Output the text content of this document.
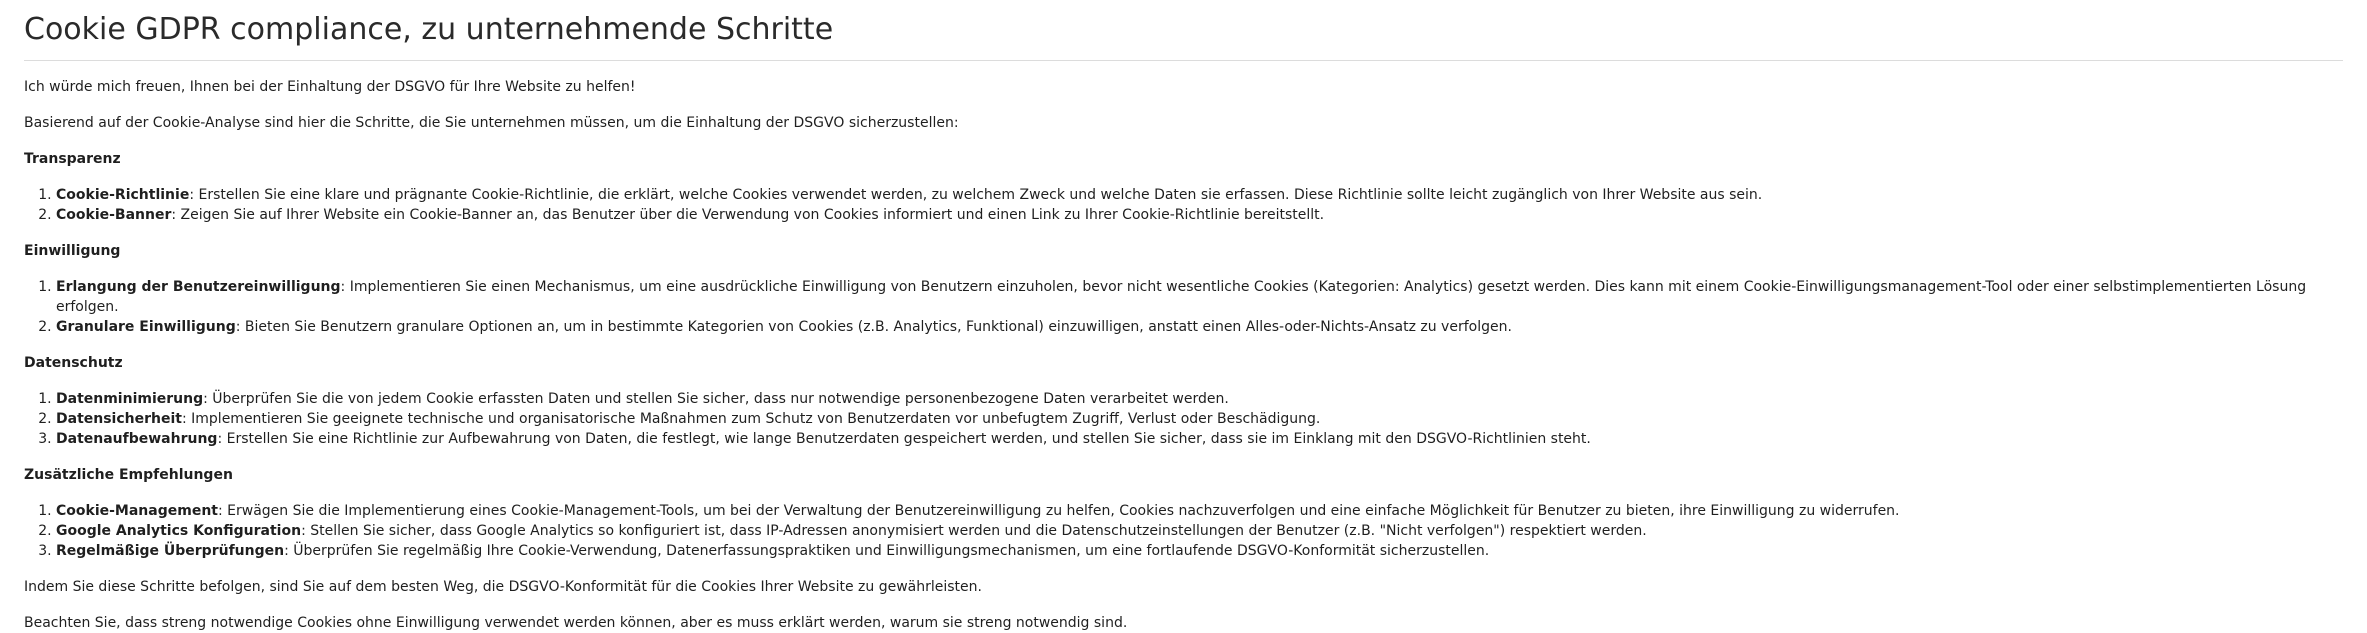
Cookie GDPR compliance, zu unternehmende Schritte

Ich würde mich freuen, Ihnen bei der Einhaltung der DSGVO für Ihre Website zu helfen!

Basierend auf der Cookie-Analyse sind hier die Schritte, die Sie unternehmen müssen, um die Einhaltung der DSGVO sicherzustellen:

Transparenz
1. Cookie-Richtlinie: Erstellen Sie eine klare und prägnante Cookie-Richtlinie, die erklärt, welche Cookies verwendet werden, zu welchem Zweck und welche Daten sie erfassen. Diese Richtlinie sollte leicht zugänglich von Ihrer Website aus sein.
2. Cookie-Banner: Zeigen Sie auf Ihrer Website ein Cookie-Banner an, das Benutzer über die Verwendung von Cookies informiert und einen Link zu Ihrer Cookie-Richtlinie bereitstellt.
Einwilligung
1. Erlangung der Benutzereinwilligung: Implementieren Sie einen Mechanismus, um eine ausdrückliche Einwilligung von Benutzern einzuholen, bevor nicht wesentliche Cookies (Kategorien: Analytics) gesetzt werden. Dies kann mit einem Cookie-Einwilligungsmanagement-Tool oder einer selbstimplementierten Lösung erfolgen.
2. Granulare Einwilligung: Bieten Sie Benutzern granulare Optionen an, um in bestimmte Kategorien von Cookies (z.B. Analytics, Funktional) einzuwilligen, anstatt einen Alles-oder-Nichts-Ansatz zu verfolgen.
Datenschutz
1. Datenminimierung: Überprüfen Sie die von jedem Cookie erfassten Daten und stellen Sie sicher, dass nur notwendige personenbezogene Daten verarbeitet werden.
2. Datensicherheit: Implementieren Sie geeignete technische und organisatorische Maßnahmen zum Schutz von Benutzerdaten vor unbefugtem Zugriff, Verlust oder Beschädigung.
3. Datenaufbewahrung: Erstellen Sie eine Richtlinie zur Aufbewahrung von Daten, die festlegt, wie lange Benutzerdaten gespeichert werden, und stellen Sie sicher, dass sie im Einklang mit den DSGVO-Richtlinien steht.
Zusätzliche Empfehlungen
1. Cookie-Management: Erwägen Sie die Implementierung eines Cookie-Management-Tools, um bei der Verwaltung der Benutzereinwilligung zu helfen, Cookies nachzuverfolgen und eine einfache Möglichkeit für Benutzer zu bieten, ihre Einwilligung zu widerrufen.
2. Google Analytics Konfiguration: Stellen Sie sicher, dass Google Analytics so konfiguriert ist, dass IP-Adressen anonymisiert werden und die Datenschutzeinstellungen der Benutzer (z.B. "Nicht verfolgen") respektiert werden.
3. Regelmäßige Überprüfungen: Überprüfen Sie regelmäßig Ihre Cookie-Verwendung, Datenerfassungspraktiken und Einwilligungsmechanismen, um eine fortlaufende DSGVO-Konformität sicherzustellen.

Indem Sie diese Schritte befolgen, sind Sie auf dem besten Weg, die DSGVO-Konformität für die Cookies Ihrer Website zu gewährleisten.

Beachten Sie, dass streng notwendige Cookies ohne Einwilligung verwendet werden können, aber es muss erklärt werden, warum sie streng notwendig sind.
